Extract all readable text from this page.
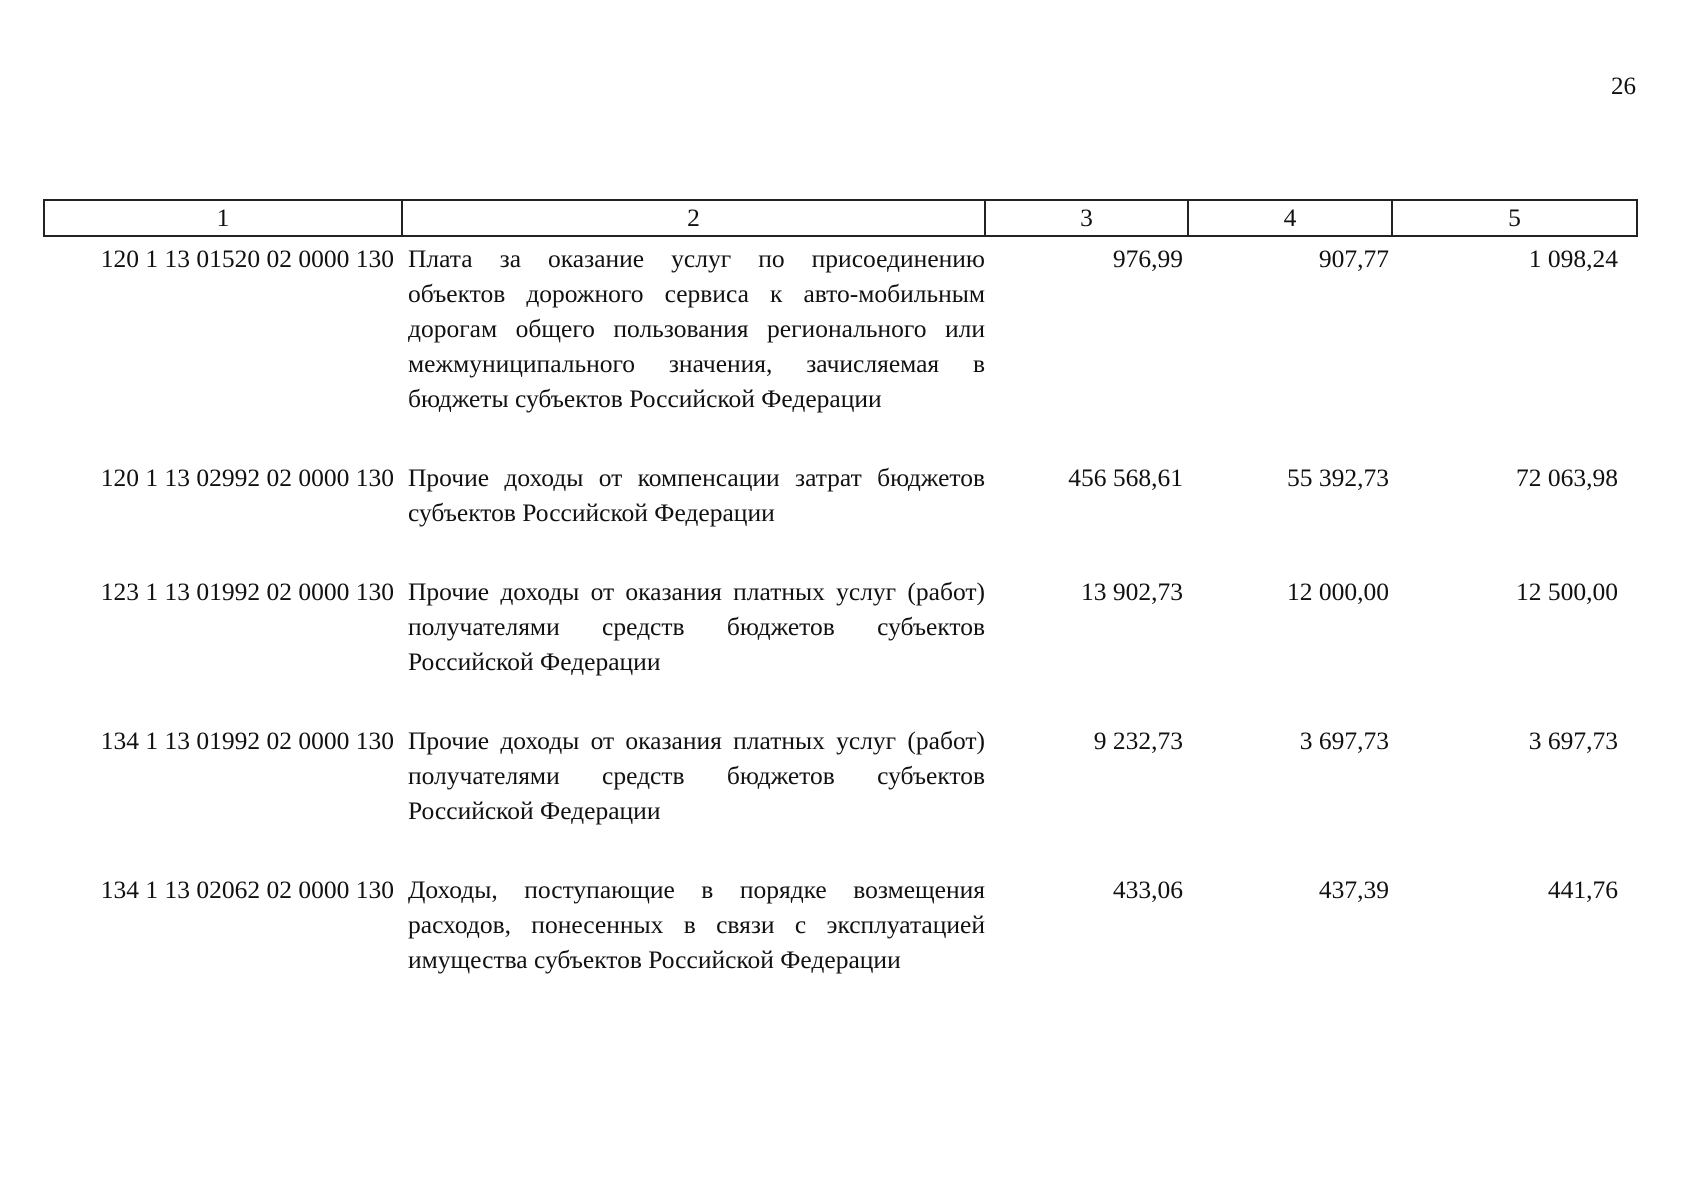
26
1	2	3	4	5
120 1 13 01520 02 0000 130	Плата за оказание услуг по присоединению объектов дорожного сервиса к авто-мобильным дорогам общего пользования регионального или межмуниципального значения, зачисляемая в бюджеты субъектов Российской Федерации	976,99	907,77	1 098,24
120 1 13 02992 02 0000 130	Прочие доходы от компенсации затрат бюджетов субъектов Российской Федерации	456 568,61	55 392,73	72 063,98
123 1 13 01992 02 0000 130	Прочие доходы от оказания платных услуг (работ) получателями средств бюджетов субъектов Российской Федерации	13 902,73	12 000,00	12 500,00
134 1 13 01992 02 0000 130	Прочие доходы от оказания платных услуг (работ) получателями средств бюджетов субъектов Российской Федерации	9 232,73	3 697,73	3 697,73
134 1 13 02062 02 0000 130	Доходы, поступающие в порядке возмещения расходов, понесенных в связи с эксплуатацией имущества субъектов Российской Федерации	433,06	437,39	441,76
